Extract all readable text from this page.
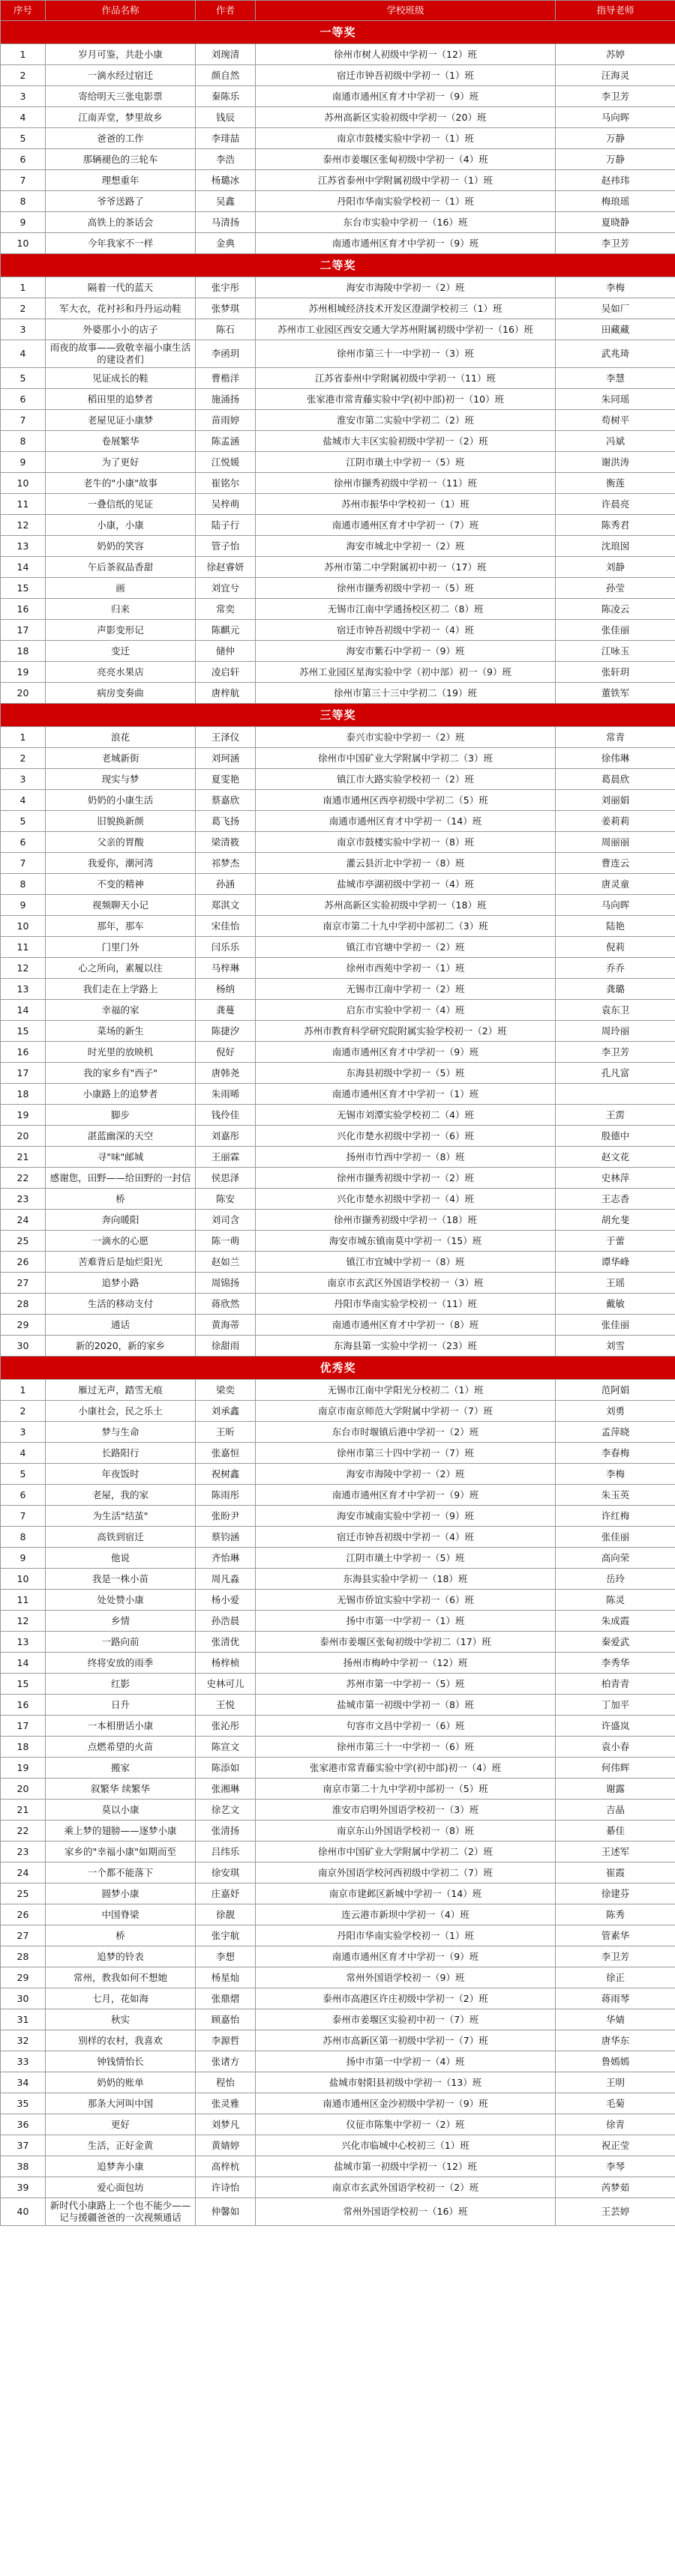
序号	作品名称	作者	学校班级	指导老师
一等奖				
1	岁月可鉴，共赴小康	刘琬清	徐州市树人初级中学初一（12）班	苏婷
2	一滴水经过宿迁	颜自然	宿迁市钟吾初级中学初一（1）班	汪海灵
3	寄给明天三张电影票	秦陈乐	南通市通州区育才中学初一（9）班	李卫芳
4	江南弄堂，梦里故乡	钱辰	苏州高新区实验初级中学初一（20）班	马向晖
5	爸爸的工作	李琲喆	南京市鼓楼实验中学初一（1）班	万静
6	那辆褪色的三轮车	李浩	泰州市姜堰区张甸初级中学初一（4）班	万静
7	理想重年	杨璐冰	江苏省泰州中学附属初级中学初一（1）班	赵祎玮
8	爷爷送路了	吴鑫	丹阳市华南实验学校初一（1）班	梅琅瑶
9	高铁上的茶话会	马清扬	东台市实验中学初一（16）班	夏晓静
10	今年我家不一样	金典	南通市通州区育才中学初一（9）班	李卫芳
二等奖				
1	隔着一代的蓝天	张宇彤	海安市海陵中学初一（2）班	李梅
2	军大衣，花衬衫和丹丹运动鞋	张梦琪	苏州相城经济技术开发区澄湖学校初三（1）班	吴如厂
3	外婆那小小的店子	陈石	苏州市工业园区西安交通大学苏州附属初级中学初一（16）班	田藏藏
4	雨夜的故事——致敬幸福小康生活的建设者们	李函玥	徐州市第三十一中学初一（3）班	武兆琦
5	见证成长的鞋	曹楷洋	江苏省泰州中学附属初级中学初一（11）班	李慧
6	稻田里的追梦者	施涌扬	张家港市常青藤实验中学(初中部)初一（10）班	朱同瑶
7	老屋见证小康梦	苗雨婷	淮安市第二实验中学初二（2）班	苟树平
8	卷展繁华	陈孟涵	盐城市大丰区实验初级中学初一（2）班	冯斌
9	为了更好	江悦媛	江阴市璜土中学初一（5）班	谢洪涛
10	老牛的"小康"故事	崔铭尔	徐州市撷秀初级中学初一（11）班	衡莲
11	一叠信纸的见证	吴梓萌	苏州市振华中学校初一（1）班	许晨亮
12	小康，小康	陆子行	南通市通州区育才中学初一（7）班	陈秀君
13	奶奶的笑容	管子怡	海安市城北中学初一（2）班	沈琅囡
14	午后茶叙品香甜	徐赵睿妍	苏州市第二中学附属初中初一（17）班	刘静
15	画	刘宜兮	徐州市撷秀初级中学初一（5）班	孙莹
16	归来	常奕	无锡市江南中学通扬校区初二（8）班	陈凌云
17	声影变形记	陈麒元	宿迁市钟吾初级中学初一（4）班	张佳丽
18	变迁	储仲	海安市紫石中学初一（9）班	江咏玉
19	亮亮水果店	凌启轩	苏州工业园区星海实验中学（初中部）初一（9）班	张轩玥
20	病房变奏曲	唐梓航	徐州市第三十三中学初二（19）班	董铁军
三等奖				
1	浪花	王泽仪	泰兴市实验中学初一（2）班	常青
2	老城新街	刘珂涵	徐州市中国矿业大学附属中学初二（3）班	徐伟琳
3	现实与梦	夏雯艳	镇江市大路实验学校初一（2）班	葛晨欣
4	奶奶的小康生活	蔡嘉欣	南通市通州区西亭初级中学初二（5）班	刘丽娟
5	旧貌换新颜	葛飞扬	南通市通州区育才中学初一（14）班	姜莉莉
6	父亲的胃酸	梁清筱	南京市鼓楼实验中学初一（8）班	周丽丽
7	我爱你，潮河湾	祁梦杰	灌云县沂北中学初一（8）班	曹连云
8	不变的精神	孙涵	盐城市亭湖初级中学初一（4）班	唐灵童
9	视频聊天小记	郑淇文	苏州高新区实验初级中学初一（18）班	马向晖
10	那年，那车	宋佳怡	南京市第二十九中学初中部初二（3）班	陆艳
11	门里门外	闫乐乐	镇江市官塘中学初一（2）班	倪莉
12	心之所向，素履以往	马梓琳	徐州市西苑中学初一（1）班	乔乔
13	我们走在上学路上	杨纳	无锡市江南中学初一（2）班	龚璐
14	幸福的家	龚蔓	启东市实验中学初一（4）班	袁东卫
15	菜场的新生	陈捷汐	苏州市教育科学研究院附属实验学校初一（2）班	周玲丽
16	时光里的放映机	倪好	南通市通州区育才中学初一（9）班	李卫芳
17	我的家乡有"西子"	唐韩尧	东海县初级中学初一（5）班	孔凡富
18	小康路上的追梦者	朱雨晞	南通市通州区育才中学初一（1）班	
19	脚步	钱伶佳	无锡市刘潭实验学校初二（4）班	王雳
20	湛蓝幽深的天空	刘嘉彤	兴化市楚水初级中学初一（6）班	殷德中
21	寻"味"邮城	王丽霖	扬州市竹西中学初一（8）班	赵文花
22	感谢您，田野——给田野的一封信	侯思泽	徐州市撷秀初级中学初一（2）班	史林萍
23	桥	陈安	兴化市楚水初级中学初一（4）班	王志香
24	奔向暖阳	刘司含	徐州市撷秀初级中学初一（18）班	胡允斐
25	一滴水的心愿	陈一萌	海安市城东镇南莫中学初一（15）班	于蕾
26	苦难背后是灿烂阳光	赵如兰	镇江市宜城中学初一（8）班	谭华峰
27	追梦小路	周锦扬	南京市玄武区外国语学校初一（3）班	王瑶
28	生活的移动支付	蒋欣然	丹阳市华南实验学校初一（11）班	戴敏
29	通话	黄海蒂	南通市通州区育才中学初一（8）班	张佳丽
30	新的2020，新的家乡	徐甜雨	东海县第一实验中学初一（23）班	刘雪
优秀奖				
1	雁过无声，踏雪无痕	梁奕	无锡市江南中学阳光分校初二（1）班	范阿娟
2	小康社会，民之乐土	刘承鑫	南京市南京师范大学附属中学初一（7）班	刘勇
3	梦与生命	王昕	东台市时堰镇后港中学初一（2）班	孟萍晓
4	长路阳行	张嘉恒	徐州市第三十四中学初一（7）班	李春梅
5	年夜饭时	祝树鑫	海安市海陵中学初一（2）班	李梅
6	老屋，我的家	陈雨彤	南通市通州区育才中学初一（9）班	朱玉英
7	为生活"结茧"	张盼尹	海安市城南实验中学初一（9）班	许红梅
8	高铁到宿迁	蔡钧涵	宿迁市钟吾初级中学初一（4）班	张佳丽
9	他说	齐怡琳	江阴市璜土中学初一（5）班	高向荣
10	我是一株小苗	周凡淼	东海县实验中学初一（18）班	岳玲
11	处处赞小康	杨小爱	无锡市侨谊实验中学初一（6）班	陈灵
12	乡情	孙浩晨	扬中市第一中学初一（1）班	朱成霞
13	一路向前	张清优	泰州市姜堰区张甸初级中学初二（17）班	秦爱武
14	终将安放的雨季	杨梓桢	扬州市梅岭中学初一（12）班	李秀华
15	红影	史林可儿	苏州市第一中学初一（5）班	柏青青
16	日升	王悦	盐城市第一初级中学初一（8）班	丁加平
17	一本相册话小康	张沁彤	句容市文昌中学初一（6）班	许盛岚
18	点燃希望的火苗	陈宣文	徐州市第三十一中学初一（6）班	袁小春
19	搬家	陈添如	张家港市常青藤实验中学(初中部)初一（4）班	何伟辉
20	叙繁华 续繁华	张湘琳	南京市第二十九中学初中部初一（5）班	谢露
21	莫以小康	徐艺文	淮安市启明外国语学校初一（3）班	吉晶
22	乘上梦的翅膀——逐梦小康	张清扬	南京东山外国语学校初一（8）班	綦佳
23	家乡的"幸福小康"如期而至	吕纬乐	徐州市中国矿业大学附属中学初二（2）班	王述军
24	一个都不能落下	徐安琪	南京外国语学校河西初级中学初二（7）班	崔霞
25	圆梦小康	庄嘉妤	南京市建邺区新城中学初一（14）班	徐建芬
26	中国脊梁	徐靓	连云港市新坝中学初一（4）班	陈秀
27	桥	张宇航	丹阳市华南实验学校初一（1）班	管素华
28	追梦的铃表	李想	南通市通州区育才中学初一（9）班	李卫芳
29	常州，教我如何不想她	杨星灿	常州外国语学校初一（9）班	徐正
30	七月，花如海	张鼎熠	泰州市高港区许庄初级中学初一（2）班	蒋雨琴
31	秋实	顾嘉怡	泰州市姜堰区实验初中初一（7）班	华婧
32	别样的农村，我喜欢	李源哲	苏州市高新区第一初级中学初一（7）班	唐华东
33	钟钱情怡长	张诸方	扬中市第一中学初一（4）班	鲁嫣嫣
34	奶奶的账单	程怡	盐城市射阳县初级中学初一（13）班	王明
35	那条大河叫中国	张灵雅	南通市通州区金沙初级中学初一（9）班	毛菊
36	更好	刘梦凡	仪征市陈集中学初一（2）班	徐青
37	生活，正好金黄	黄婧婷	兴化市临城中心校初三（1）班	祝正莹
38	追梦奔小康	高梓杭	盐城市第一初级中学初一（12）班	李琴
39	爱心面包坊	许诗怡	南京市玄武外国语学校初一（2）班	芮梦茹
40	新时代小康路上一个也不能少——记与援疆爸爸的一次视频通话	仲馨如	常州外国语学校初一（16）班	王芸婷
